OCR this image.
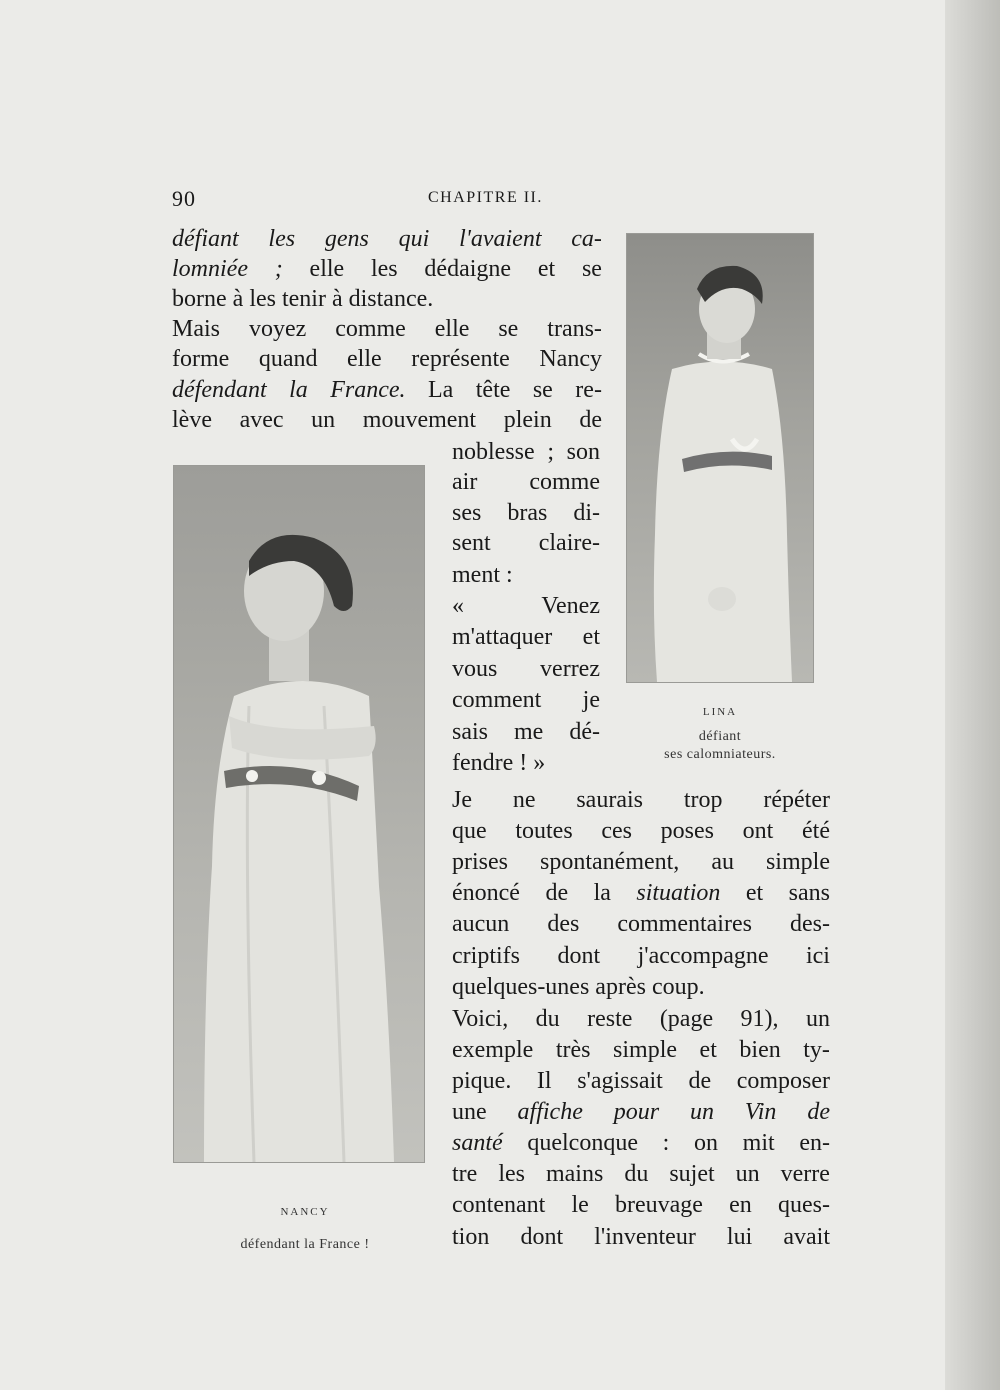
90	CHAPITRE II.
défiant les gens qui l'avaient ca-
lomniée ; elle les dédaigne et se
borne à les tenir à distance.
Mais voyez comme elle se trans-
forme quand elle représente Nancy
défendant la France. La tête se re-
lève avec un mouvement plein de
noblesse ; son
air comme
ses bras di-
sent claire-
ment :
«	Venez
m'attaquer et
vous verrez
comment je
sais me dé-
fendre ! »
Je ne saurais trop répéter
que toutes ces poses ont été
prises spontanément, au simple
énoncé de la situation et sans
aucun des commentaires des-
criptifs dont j'accompagne ici
quelques-unes après coup.
Voici, du reste (page 91), un
exemple très simple et bien ty-
pique. Il s'agissait de composer
une affiche pour un Vin de
santé quelconque : on mit en-
tre les mains du sujet un verre
contenant le breuvage en ques-
tion dont l'inventeur lui avait
NANCY
défendant la France !
LINA
défiant
ses calomniateurs.
